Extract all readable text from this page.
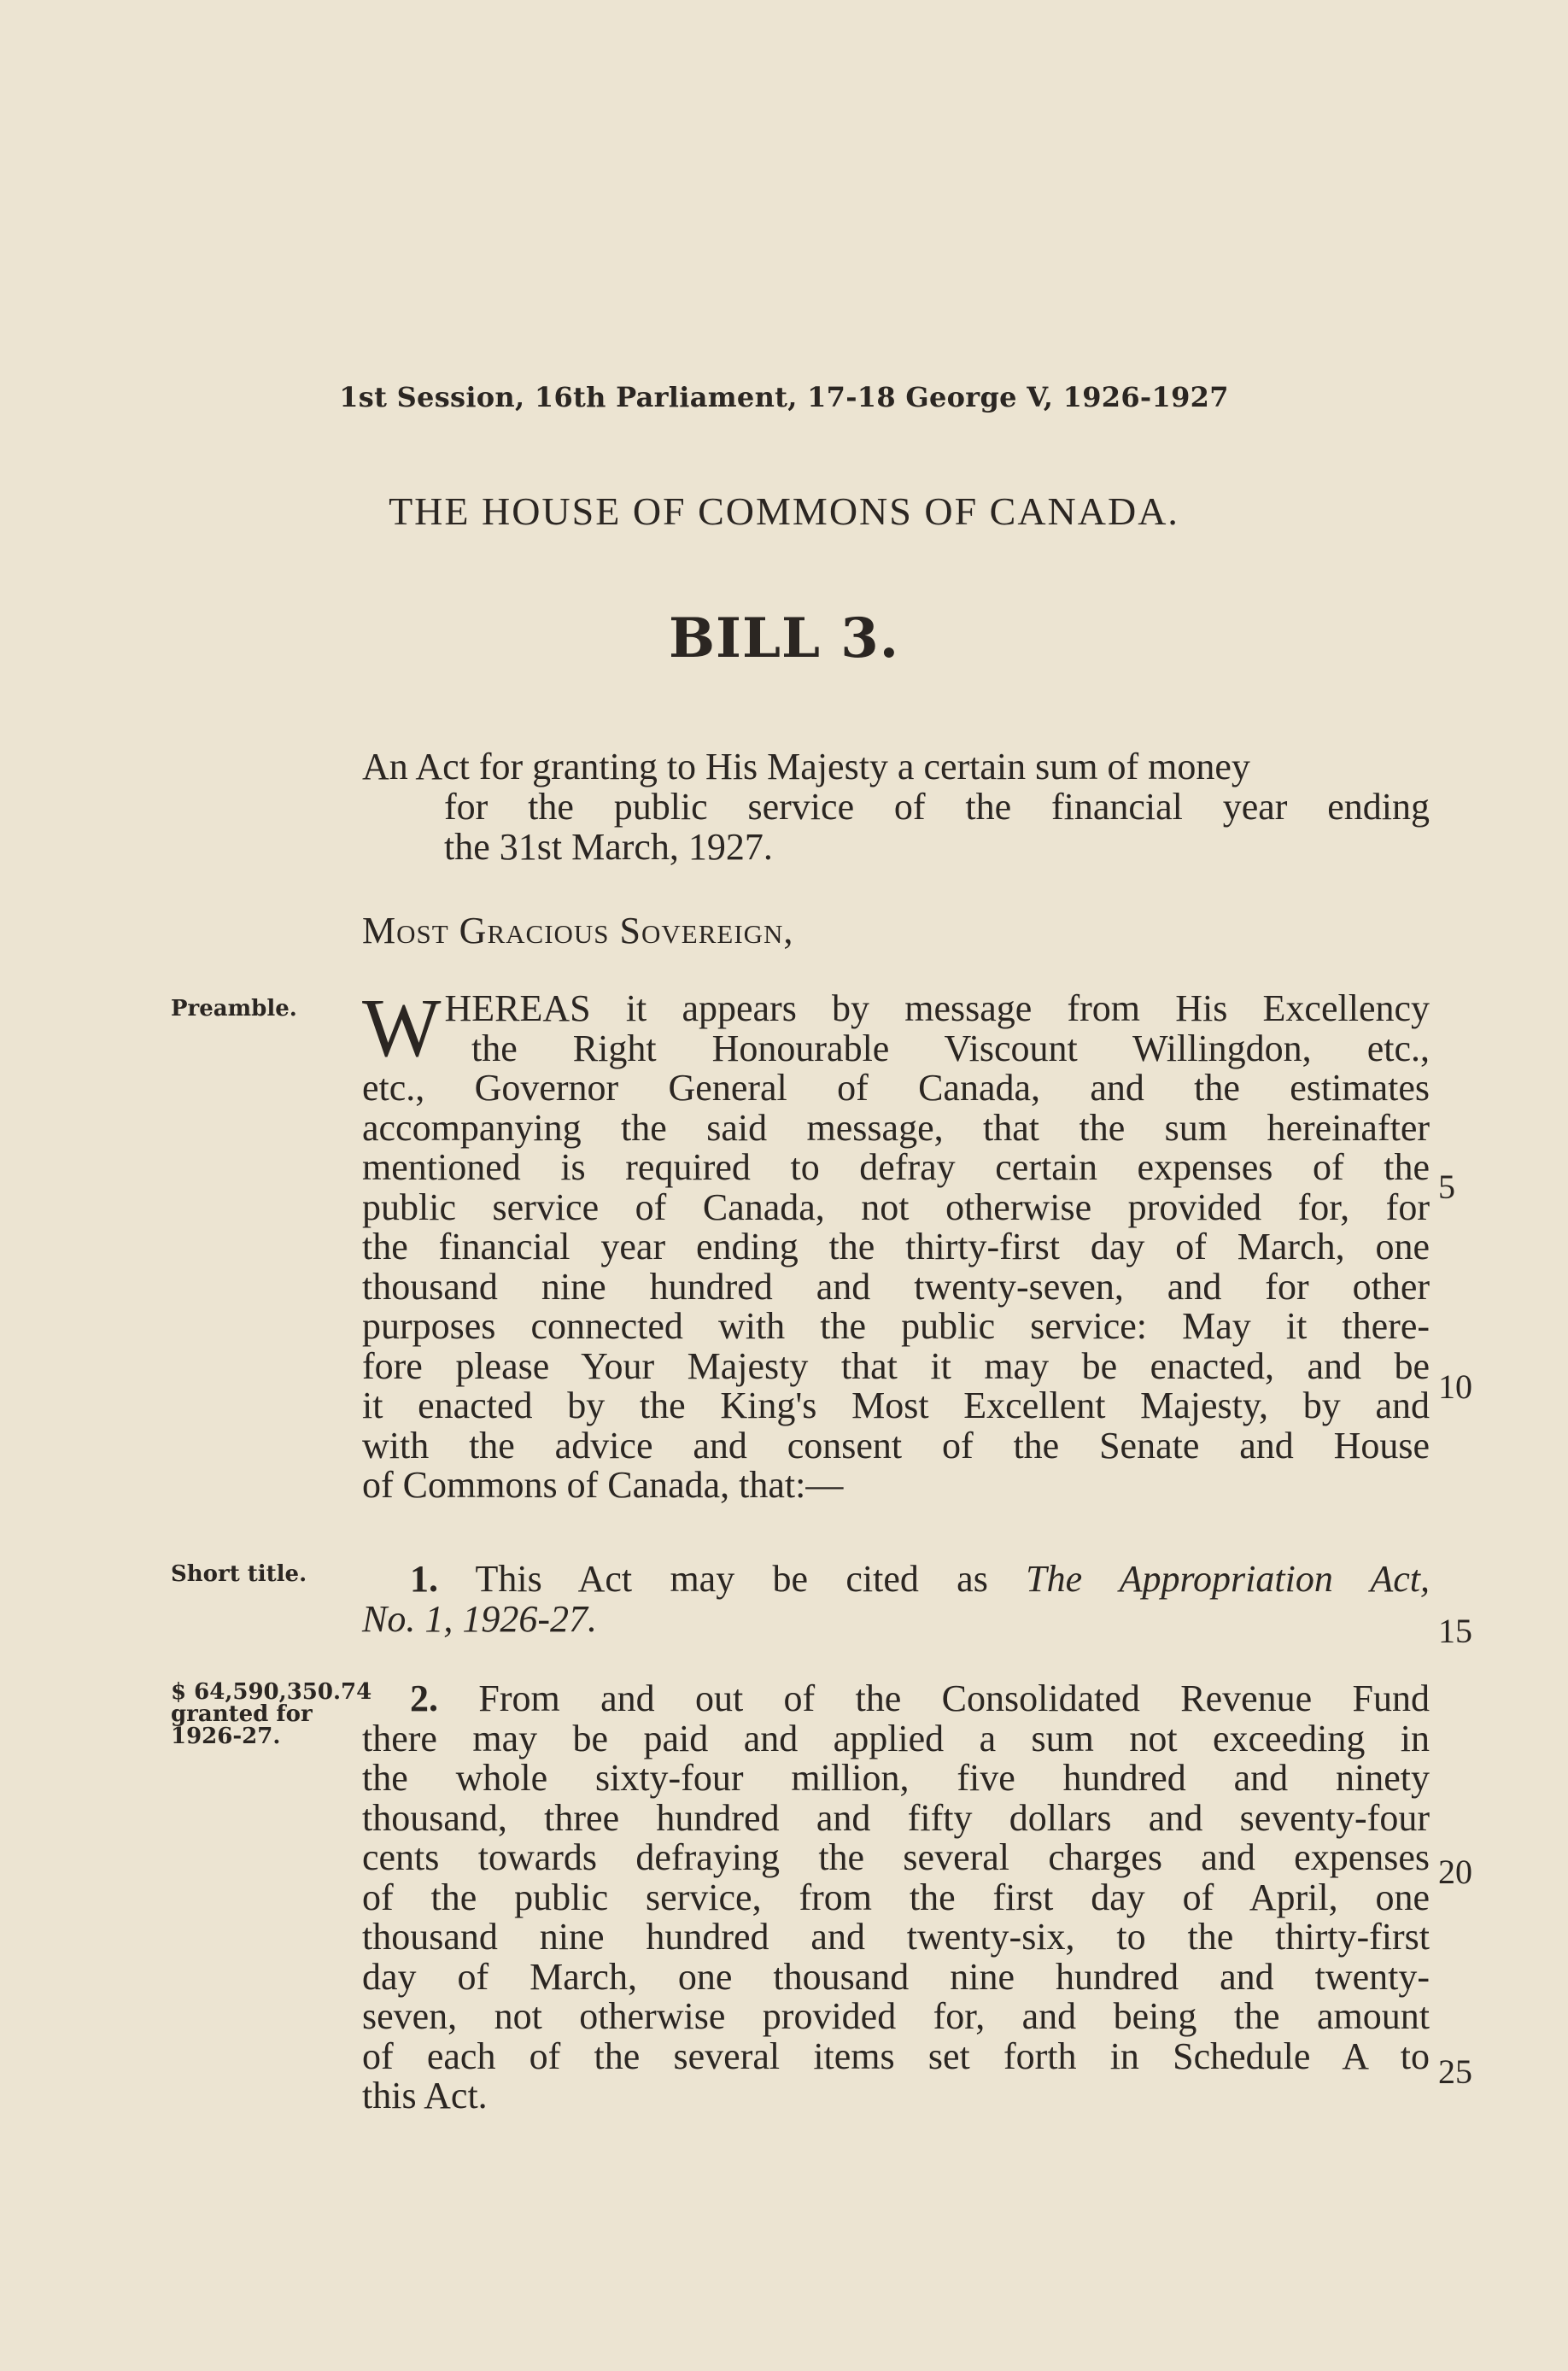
1st Session, 16th Parliament, 17-18 George V, 1926-1927
THE HOUSE OF COMMONS OF CANADA.
BILL 3.
An Act for granting to His Majesty a certain sum of money
for the public service of the financial year ending
the 31st March, 1927.
Most Gracious Sovereign,
Preamble. W HEREAS it appears by message from His Excellency
the Right Honourable Viscount Willingdon, etc.,
etc., Governor General of Canada, and the estimates
accompanying the said message, that the sum hereinafter
mentioned is required to defray certain expenses of the
public service of Canada, not otherwise provided for, for
the financial year ending the thirty-first day of March, one
thousand nine hundred and twenty-seven, and for other
purposes connected with the public service: May it there-
fore please Your Majesty that it may be enacted, and be
it enacted by the King's Most Excellent Majesty, by and
with the advice and consent of the Senate and House
of Commons of Canada, that:—
Short title.	1. This Act may be cited as The Appropriation Act,
No. 1, 1926-27.
$ 64,590,350.74
granted for
1926-27.
2. From and out of the Consolidated Revenue Fund
there may be paid and applied a sum not exceeding in
the whole sixty-four million, five hundred and ninety
thousand, three hundred and fifty dollars and seventy-four
cents towards defraying the several charges and expenses
of the public service, from the first day of April, one
thousand nine hundred and twenty-six, to the thirty-first
day of March, one thousand nine hundred and twenty-
seven, not otherwise provided for, and being the amount
of each of the several items set forth in Schedule A to
this Act.
5
10
15
20
25
